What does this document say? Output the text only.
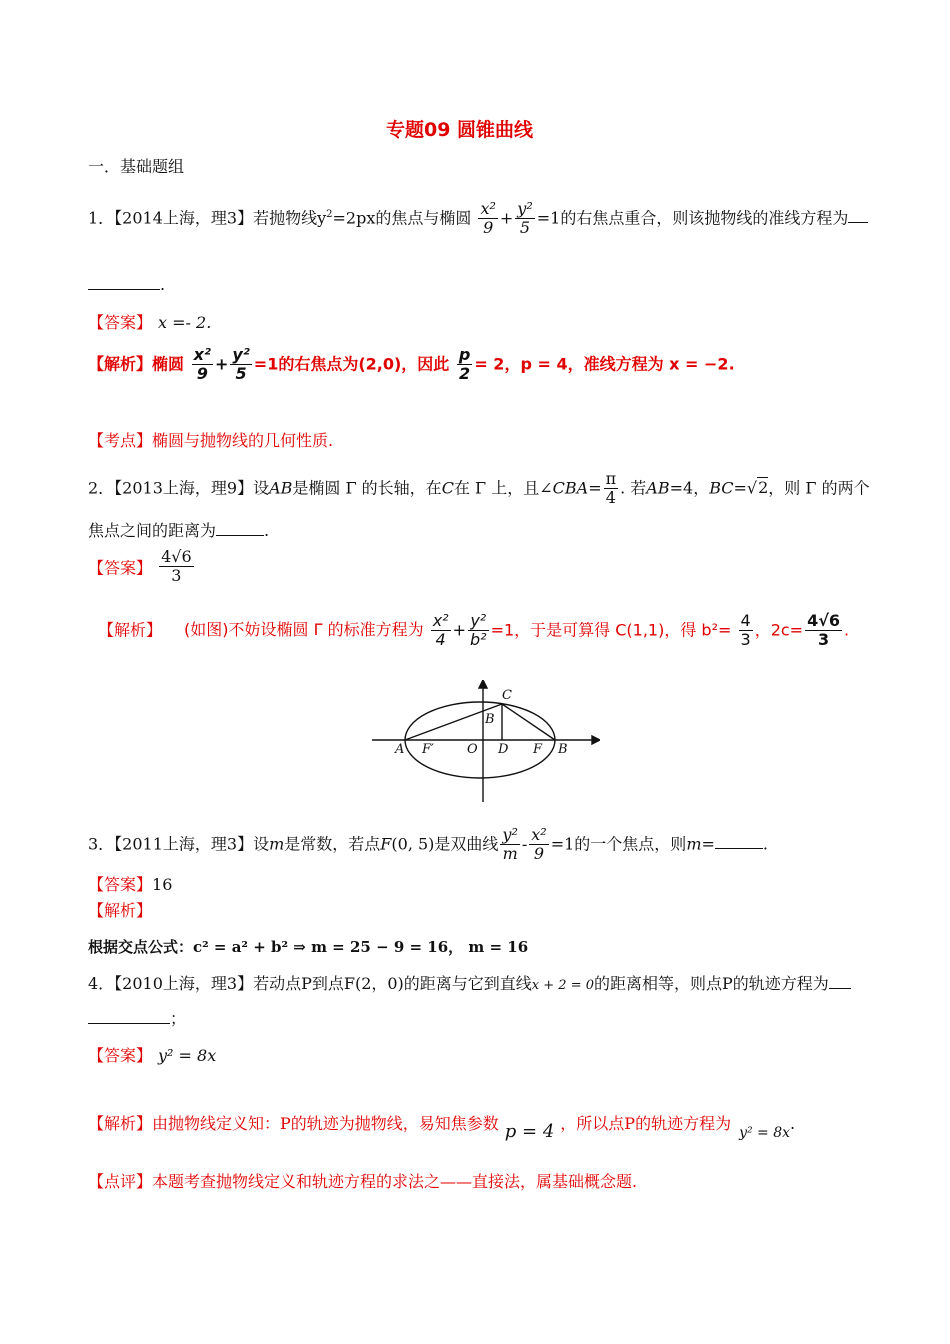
专题09 圆锥曲线
一．基础题组
1．【2014上海，理3】若抛物线$y^2=2px$的焦点与椭圆 $\frac{\text{x²}}{9} + \frac{\text{y²}}{5} =1$的右焦点重合，则该抛物线的准线方程为
.
【答案】 x =- 2.
【解析】椭圆 $\frac{\text{x²}}{9} + \frac{\text{y²}}{5} =1$的右焦点为(2,0)，因此 $\frac{p}{2} = 2$，p = 4，准线方程为 x = −2.
【考点】椭圆与抛物线的几何性质.
2．【2013上海，理9】设AB是椭圆 Γ 的长轴，在C在 Γ 上，且∠CBA= $\frac{\pi}{4}$ . 若AB=4，BC=√2，则 Γ 的两个
焦点之间的距离为	.
【答案】 $\frac{4√6}{3}$
【解析】 (如图)不妨设椭圆 Γ 的标准方程为 $\frac{\text{x²}}{4} + \frac{\text{y²}}{\text{b²}} =1$，于是可算得 C(1,1)，得 $b^2= \frac{4}{3}$ ，$2c= \frac{4√6}{3}$ .
A F′	O D F B
B
C
3．【2011上海，理3】设m是常数，若点F(0, 5)是双曲线 $\frac{\text{y²}}{m} - \frac{\text{x²}}{9} =1$的一个焦点，则m=	.
【答案】16
【解析】
根据交点公式：c² = a² + b² ⇒ m = 25 − 9 = 16， m = 16
4．【2010上海，理3】若动点P到点F(2，0)的距离与它到直线x + 2 = 0的距离相等，则点P的轨迹方程为
；
【答案】 y² = 8x
【解析】由抛物线定义知：P的轨迹为抛物线，易知焦参数 p = 4 ，所以点P的轨迹方程为 y² = 8x.
【点评】本题考查抛物线定义和轨迹方程的求法之——直接法，属基础概念题.
